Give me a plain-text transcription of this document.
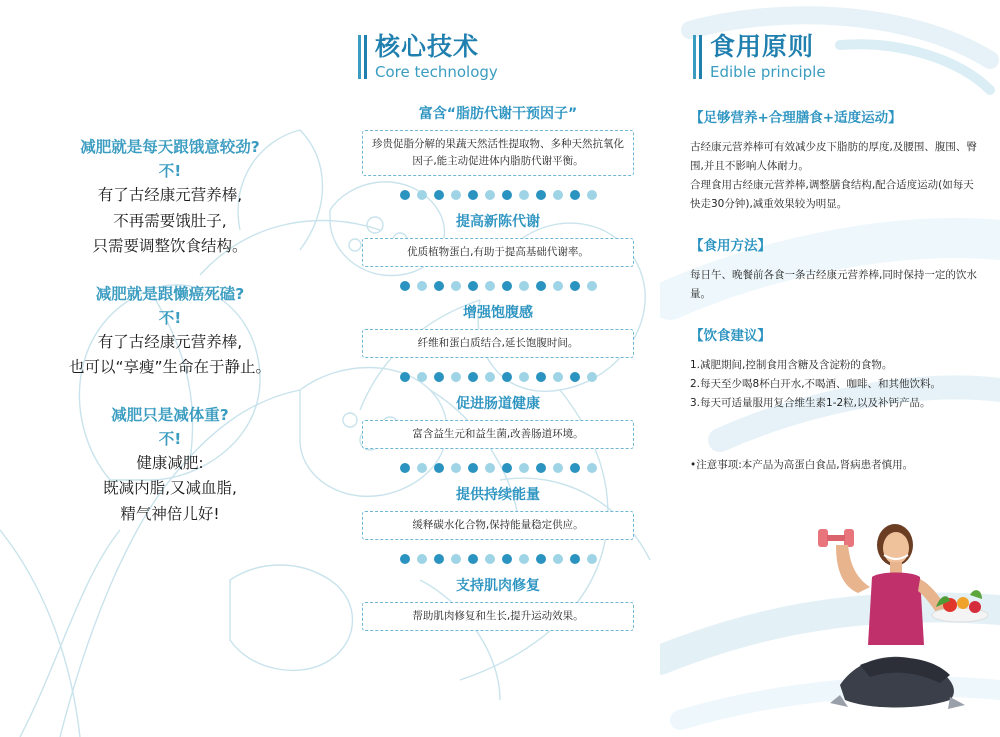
减肥就是每天跟饿意较劲?
不!
有了古经康元营养棒,
不再需要饿肚子,
只需要调整饮食结构。
减肥就是跟懒癌死磕?
不!
有了古经康元营养棒,
也可以“享瘦”生命在于静止。
减肥只是减体重?
不!
健康减肥:
既减内脂,又减血脂,
精气神倍儿好!
核心技术
Core technology
富含“脂肪代谢干预因子”
珍贵促脂分解的果蔬天然活性提取物、多种天然抗氧化因子,能主动促进体内脂肪代谢平衡。
提高新陈代谢
优质植物蛋白,有助于提高基础代谢率。
增强饱腹感
纤维和蛋白质结合,延长饱腹时间。
促进肠道健康
富含益生元和益生菌,改善肠道环境。
提供持续能量
缓释碳水化合物,保持能量稳定供应。
支持肌肉修复
帮助肌肉修复和生长,提升运动效果。
食用原则
Edible principle
【足够营养+合理膳食+适度运动】
古经康元营养棒可有效减少皮下脂肪的厚度,及腰围、腹围、臀围,并且不影响人体耐力。
合理食用古经康元营养棒,调整膳食结构,配合适度运动(如每天快走30分钟),减重效果较为明显。
【食用方法】
每日午、晚餐前各食一条古经康元营养棒,同时保持一定的饮水量。
【饮食建议】
1.减肥期间,控制食用含糖及含淀粉的食物。
2.每天至少喝8杯白开水,不喝酒、咖啡、和其他饮料。
3.每天可适量服用复合维生素1-2粒,以及补钙产品。
•注意事项:本产品为高蛋白食品,肾病患者慎用。
